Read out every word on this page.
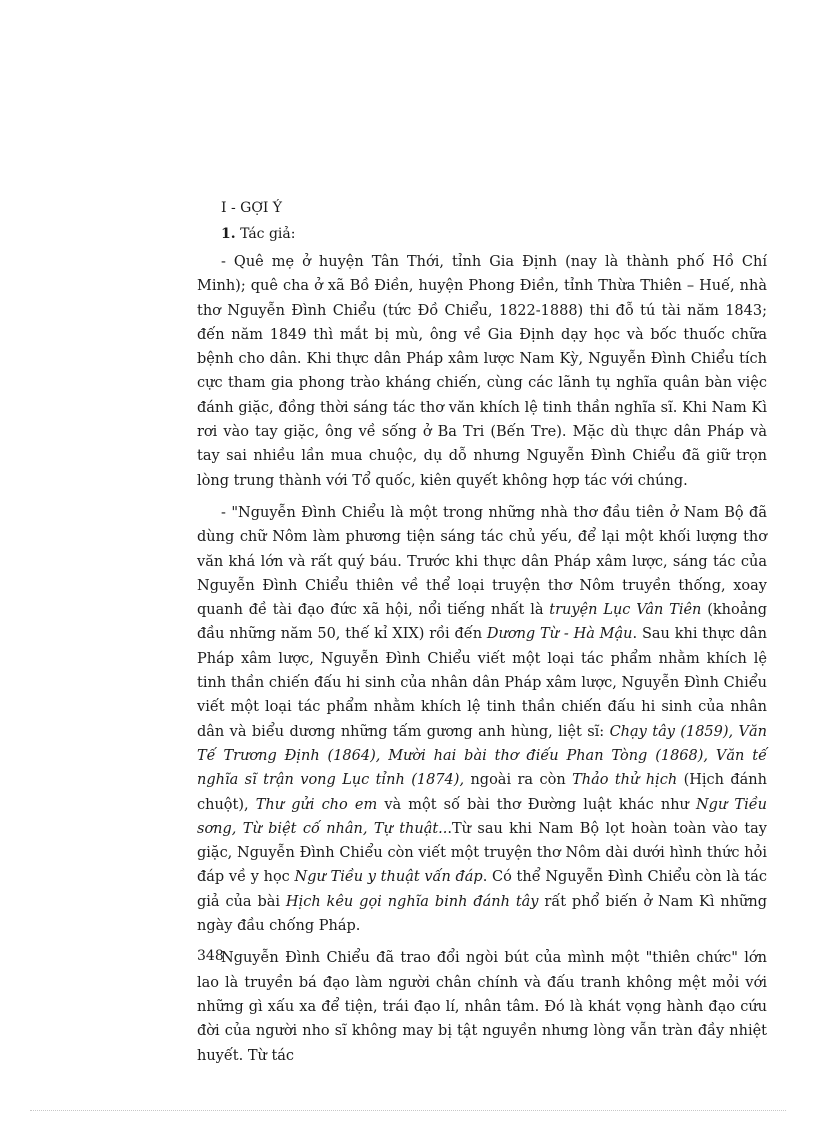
I - GỢI Ý
1. Tác giả:

- Quê mẹ ở huyện Tân Thới, tỉnh Gia Định (nay là thành phố Hồ Chí Minh); quê cha ở xã Bồ Điền, huyện Phong Điền, tỉnh Thừa Thiên – Huế, nhà thơ Nguyễn Đình Chiểu (tức Đồ Chiểu, 1822-1888) thi đỗ tú tài năm 1843; đến năm 1849 thì mắt bị mù, ông về Gia Định dạy học và bốc thuốc chữa bệnh cho dân. Khi thực dân Pháp xâm lược Nam Kỳ, Nguyễn Đình Chiểu tích cực tham gia phong trào kháng chiến, cùng các lãnh tụ nghĩa quân bàn việc đánh giặc, đồng thời sáng tác thơ văn khích lệ tinh thần nghĩa sĩ. Khi Nam Kì rơi vào tay giặc, ông về sống ở Ba Tri (Bến Tre). Mặc dù thực dân Pháp và tay sai nhiều lần mua chuộc, dụ dỗ nhưng Nguyễn Đình Chiểu đã giữ trọn lòng trung thành với Tổ quốc, kiên quyết không hợp tác với chúng.

- "Nguyễn Đình Chiểu là một trong những nhà thơ đầu tiên ở Nam Bộ đã dùng chữ Nôm làm phương tiện sáng tác chủ yếu, để lại một khối lượng thơ văn khá lớn và rất quý báu. Trước khi thực dân Pháp xâm lược, sáng tác của Nguyễn Đình Chiểu thiên về thể loại truyện thơ Nôm truyền thống, xoay quanh đề tài đạo đức xã hội, nổi tiếng nhất là truyện Lục Vân Tiên (khoảng đầu những năm 50, thế kỉ XIX) rồi đến Dương Từ - Hà Mậu. Sau khi thực dân Pháp xâm lược, Nguyễn Đình Chiểu viết một loại tác phẩm nhằm khích lệ tinh thần chiến đấu hi sinh của nhân dân Pháp xâm lược, Nguyễn Đình Chiểu viết một loại tác phẩm nhằm khích lệ tinh thần chiến đấu hi sinh của nhân dân và biểu dương những tấm gương anh hùng, liệt sĩ: Chạy tây (1859), Văn Tế Trương Định (1864), Mười hai bài thơ điếu Phan Tòng (1868), Văn tế nghĩa sĩ trận vong Lục tỉnh (1874), ngoài ra còn Thảo thử hịch (Hịch đánh chuột), Thư gửi cho em và một số bài thơ Đường luật khác như Ngư Tiều sơng, Từ biệt cố nhân, Tự thuật...Từ sau khi Nam Bộ lọt hoàn toàn vào tay giặc, Nguyễn Đình Chiểu còn viết một truyện thơ Nôm dài dưới hình thức hỏi đáp về y học Ngư Tiều y thuật vấn đáp. Có thể Nguyễn Đình Chiểu còn là tác giả của bài Hịch kêu gọi nghĩa binh đánh tây rất phổ biến ở Nam Kì những ngày đầu chống Pháp.

Nguyễn Đình Chiểu đã trao đổi ngòi bút của mình một "thiên chức" lớn lao là truyền bá đạo làm người chân chính và đấu tranh không mệt mỏi với những gì xấu xa để tiện, trái đạo lí, nhân tâm. Đó là khát vọng hành đạo cứu đời của người nho sĩ không may bị tật nguyền nhưng lòng vẫn tràn đầy nhiệt huyết. Từ tác

348
